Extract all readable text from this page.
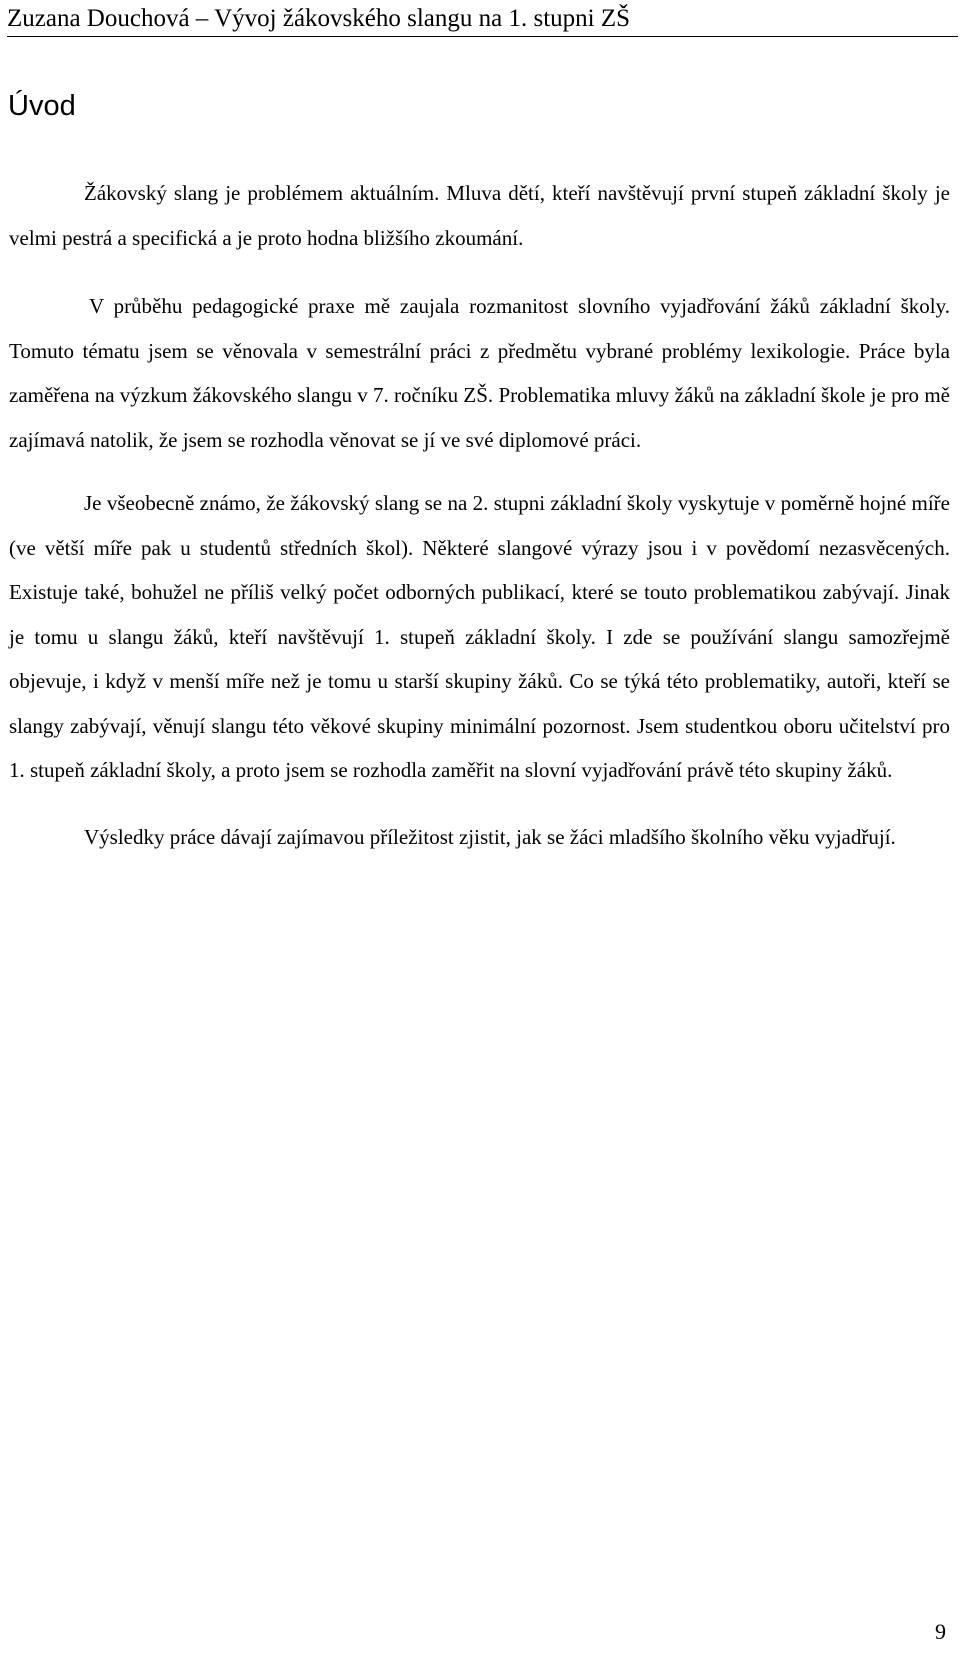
Zuzana Douchová – Vývoj žákovského slangu na 1. stupni ZŠ
Úvod

Žákovský slang je problémem aktuálním. Mluva dětí, kteří navštěvují první stupeň základní školy je velmi pestrá a specifická a je proto hodna bližšího zkoumání.

V průběhu pedagogické praxe mě zaujala rozmanitost slovního vyjadřování žáků základní školy. Tomuto tématu jsem se věnovala v semestrální práci z předmětu vybrané problémy lexikologie. Práce byla zaměřena na výzkum žákovského slangu v 7. ročníku ZŠ. Problematika mluvy žáků na základní škole je pro mě zajímavá natolik, že jsem se rozhodla věnovat se jí ve své diplomové práci.

Je všeobecně známo, že žákovský slang se na 2. stupni základní školy vyskytuje v poměrně hojné míře (ve větší míře pak u studentů středních škol). Některé slangové výrazy jsou i v povědomí nezasvěcených. Existuje také, bohužel ne příliš velký počet odborných publikací, které se touto problematikou zabývají. Jinak je tomu u slangu žáků, kteří navštěvují 1. stupeň základní školy. I zde se používání slangu samozřejmě objevuje, i když v menší míře než je tomu u starší skupiny žáků. Co se týká této problematiky, autoři, kteří se slangy zabývají, věnují slangu této věkové skupiny minimální pozornost. Jsem studentkou oboru učitelství pro 1. stupeň základní školy, a proto jsem se rozhodla zaměřit na slovní vyjadřování právě této skupiny žáků.

Výsledky práce dávají zajímavou příležitost zjistit, jak se žáci mladšího školního věku vyjadřují.

9
